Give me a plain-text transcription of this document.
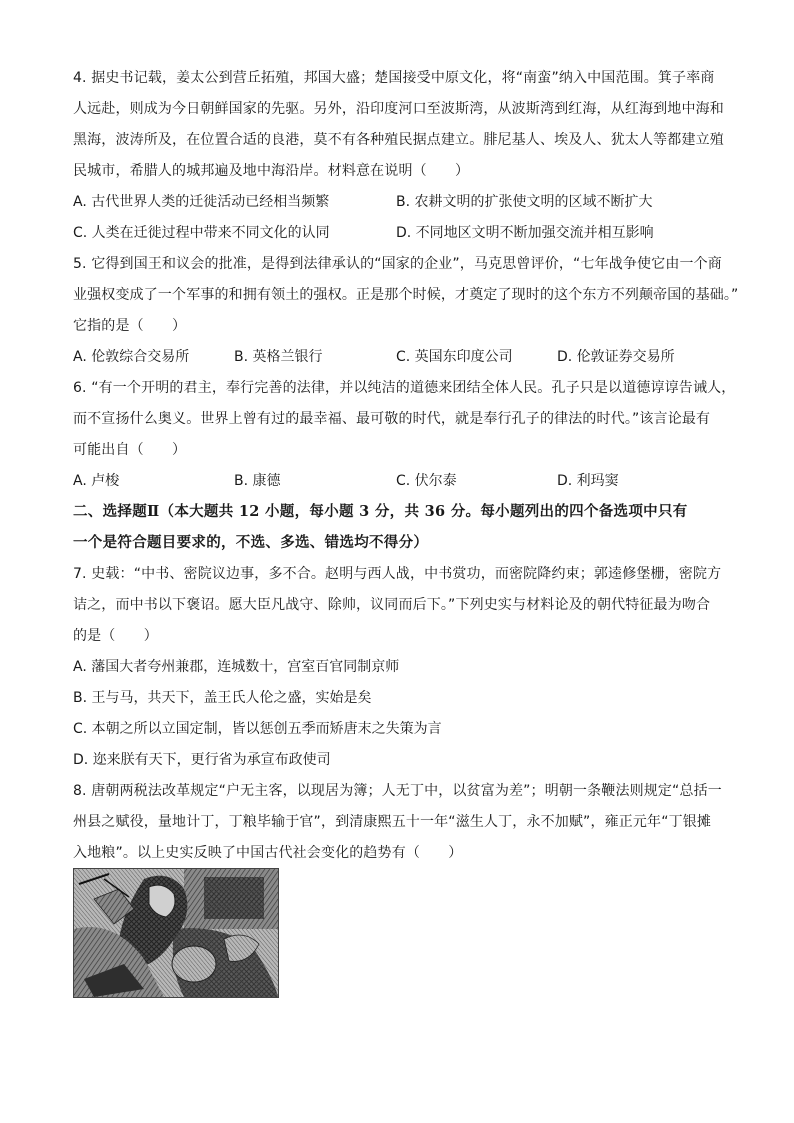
4. 据史书记载，姜太公到营丘拓殖，邦国大盛；楚国接受中原文化，将“南蛮”纳入中国范围。箕子率商
人远赴，则成为今日朝鲜国家的先驱。另外，沿印度河口至波斯湾，从波斯湾到红海，从红海到地中海和
黑海，波涛所及，在位置合适的良港，莫不有各种殖民据点建立。腓尼基人、埃及人、犹太人等都建立殖
民城市，希腊人的城邦遍及地中海沿岸。材料意在说明（　　）
A. 古代世界人类的迁徙活动已经相当频繁	B. 农耕文明的扩张使文明的区域不断扩大
C. 人类在迁徙过程中带来不同文化的认同	D. 不同地区文明不断加强交流并相互影响
5. 它得到国王和议会的批准，是得到法律承认的“国家的企业”，马克思曾评价，“七年战争使它由一个商
业强权变成了一个军事的和拥有领土的强权。正是那个时候，才奠定了现时的这个东方不列颠帝国的基础。”
它指的是（　　）
A. 伦敦综合交易所	B. 英格兰银行	C. 英国东印度公司	D. 伦敦证券交易所
6. “有一个开明的君主，奉行完善的法律，并以纯洁的道德来团结全体人民。孔子只是以道德谆谆告诫人，
而不宣扬什么奥义。世界上曾有过的最幸福、最可敬的时代，就是奉行孔子的律法的时代。”该言论最有
可能出自（　　）
A. 卢梭	B. 康德	C. 伏尔泰	D. 利玛窦
二、选择题Ⅱ（本大题共 12 小题，每小题 3 分，共 36 分。每小题列出的四个备选项中只有
一个是符合题目要求的，不选、多选、错选均不得分）
7. 史载：“中书、密院议边事，多不合。赵明与西人战，中书赏功，而密院降约束；郭逵修堡栅，密院方
诘之，而中书以下褒诏。愿大臣凡战守、除帅，议同而后下。”下列史实与材料论及的朝代特征最为吻合
的是（　　）
A. 藩国大者夸州兼郡，连城数十，宫室百官同制京师
B. 王与马，共天下，盖王氏人伦之盛，实始是矣
C. 本朝之所以立国定制，皆以惩创五季而矫唐末之失策为言
D. 迩来朕有天下，更行省为承宣布政使司
8. 唐朝两税法改革规定“户无主客，以现居为簿；人无丁中，以贫富为差”；明朝一条鞭法则规定“总括一
州县之赋役，量地计丁，丁粮毕输于官”，到清康熙五十一年“滋生人丁，永不加赋”，雍正元年“丁银摊
入地粮”。以上史实反映了中国古代社会变化的趋势有（　　）
